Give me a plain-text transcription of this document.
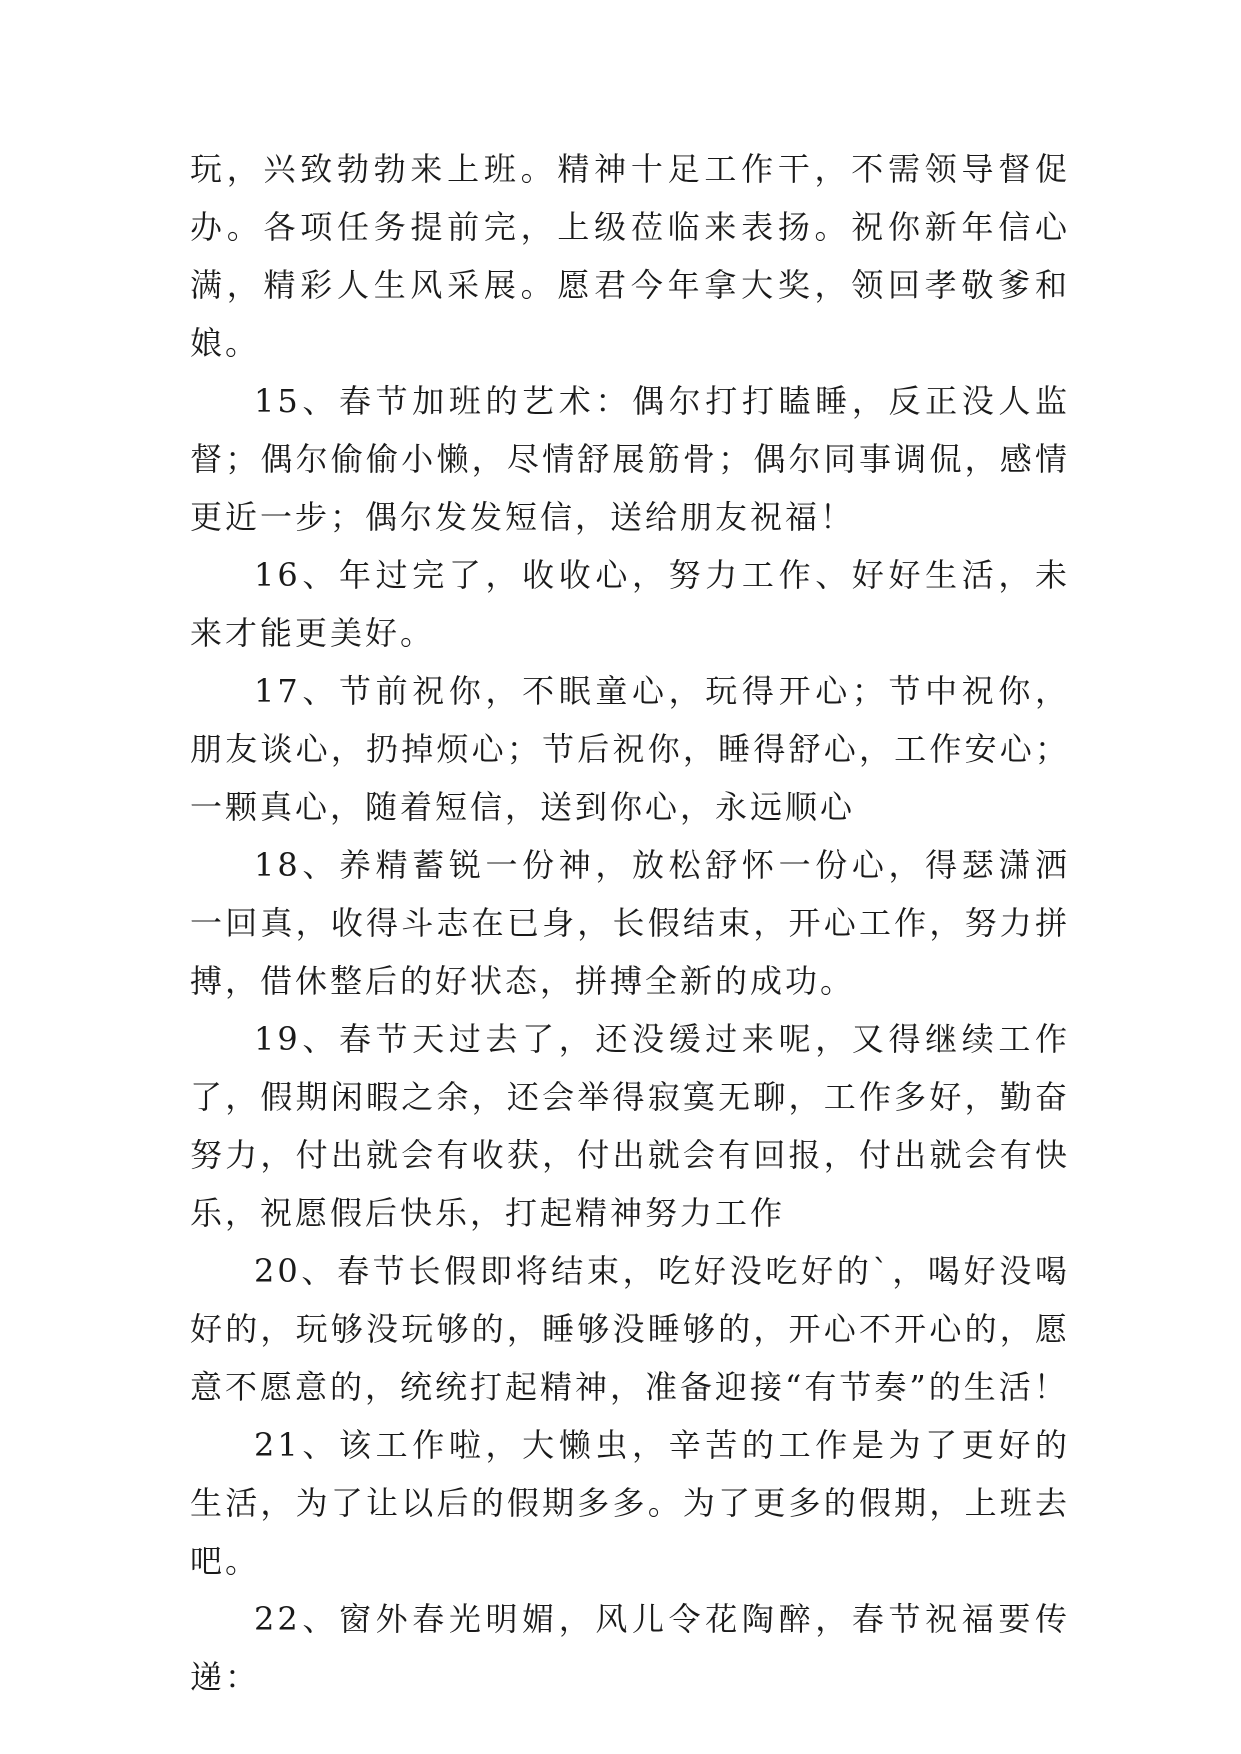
玩，兴致勃勃来上班。精神十足工作干，不需领导督促办。各项任务提前完，上级莅临来表扬。祝你新年信心满，精彩人生风采展。愿君今年拿大奖，领回孝敬爹和娘。

15、春节加班的艺术：偶尔打打瞌睡，反正没人监督；偶尔偷偷小懒，尽情舒展筋骨；偶尔同事调侃，感情更近一步；偶尔发发短信，送给朋友祝福！

16、年过完了，收收心，努力工作、好好生活，未来才能更美好。

17、节前祝你，不眠童心，玩得开心；节中祝你，朋友谈心，扔掉烦心；节后祝你，睡得舒心，工作安心；一颗真心，随着短信，送到你心，永远顺心

18、养精蓄锐一份神，放松舒怀一份心，得瑟潇洒一回真，收得斗志在已身，长假结束，开心工作，努力拼搏，借休整后的好状态，拼搏全新的成功。

19、春节天过去了，还没缓过来呢，又得继续工作了，假期闲暇之余，还会举得寂寞无聊，工作多好，勤奋努力，付出就会有收获，付出就会有回报，付出就会有快乐，祝愿假后快乐，打起精神努力工作

20、春节长假即将结束，吃好没吃好的`，喝好没喝好的，玩够没玩够的，睡够没睡够的，开心不开心的，愿意不愿意的，统统打起精神，准备迎接“有节奏”的生活！

21、该工作啦，大懒虫，辛苦的工作是为了更好的生活，为了让以后的假期多多。为了更多的假期，上班去吧。

22、窗外春光明媚，风儿令花陶醉，春节祝福要传递：
